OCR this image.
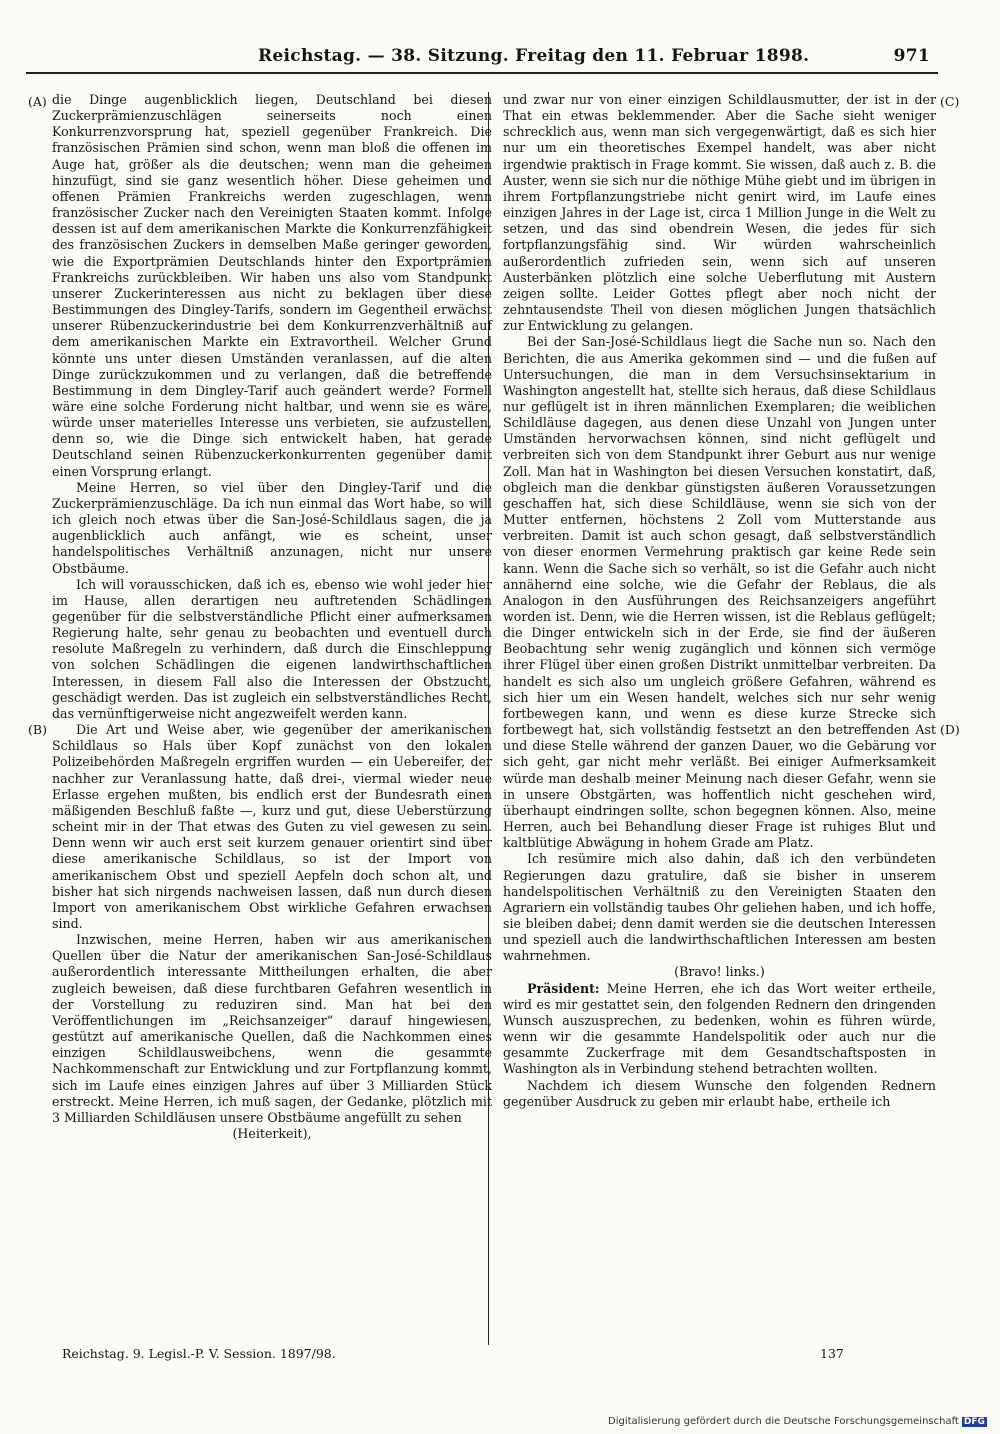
Reichstag. — 38. Sitzung. Freitag den 11. Februar 1898.	971
(A)
(B)
(C)
(D)

die Dinge augenblicklich liegen, Deutschland bei diesen Zuckerprämienzuschlägen seinerseits noch einen Konkurrenzvorsprung hat, speziell gegenüber Frankreich. Die französischen Prämien sind schon, wenn man bloß die offenen im Auge hat, größer als die deutschen; wenn man die geheimen hinzufügt, sind sie ganz wesentlich höher. Diese geheimen und offenen Prämien Frankreichs werden zugeschlagen, wenn französischer Zucker nach den Vereinigten Staaten kommt. Infolge dessen ist auf dem amerikanischen Markte die Konkurrenzfähigkeit des französischen Zuckers in demselben Maße geringer geworden, wie die Exportprämien Deutschlands hinter den Exportprämien Frankreichs zurückbleiben. Wir haben uns also vom Standpunkt unserer Zuckerinteressen aus nicht zu beklagen über diese Bestimmungen des Dingley-Tarifs, sondern im Gegentheil erwächst unserer Rübenzuckerindustrie bei dem Konkurrenzverhältniß auf dem amerikanischen Markte ein Extravortheil. Welcher Grund könnte uns unter diesen Umständen veranlassen, auf die alten Dinge zurückzukommen und zu verlangen, daß die betreffende Bestimmung in dem Dingley-Tarif auch geändert werde? Formell wäre eine solche Forderung nicht haltbar, und wenn sie es wäre, würde unser materielles Interesse uns verbieten, sie aufzustellen, denn so, wie die Dinge sich entwickelt haben, hat gerade Deutschland seinen Rübenzuckerkonkurrenten gegenüber damit einen Vorsprung erlangt.

Meine Herren, so viel über den Dingley-Tarif und die Zuckerprämienzuschläge. Da ich nun einmal das Wort habe, so will ich gleich noch etwas über die San-José-Schildlaus sagen, die ja augenblicklich auch anfängt, wie es scheint, unser handelspolitisches Verhältniß anzunagen, nicht nur unsere Obstbäume.

Ich will vorausschicken, daß ich es, ebenso wie wohl jeder hier im Hause, allen derartigen neu auftretenden Schädlingen gegenüber für die selbstverständliche Pflicht einer aufmerksamen Regierung halte, sehr genau zu beobachten und eventuell durch resolute Maßregeln zu verhindern, daß durch die Einschleppung von solchen Schädlingen die eigenen landwirthschaftlichen Interessen, in diesem Fall also die Interessen der Obstzucht, geschädigt werden. Das ist zugleich ein selbstverständliches Recht, das vernünftigerweise nicht angezweifelt werden kann.

Die Art und Weise aber, wie gegenüber der amerikanischen Schildlaus so Hals über Kopf zunächst von den lokalen Polizeibehörden Maßregeln ergriffen wurden — ein Uebereifer, der nachher zur Veranlassung hatte, daß drei-, viermal wieder neue Erlasse ergehen mußten, bis endlich erst der Bundesrath einen mäßigenden Beschluß faßte —, kurz und gut, diese Ueberstürzung scheint mir in der That etwas des Guten zu viel gewesen zu sein. Denn wenn wir auch erst seit kurzem genauer orientirt sind über diese amerikanische Schildlaus, so ist der Import von amerikanischem Obst und speziell Aepfeln doch schon alt, und bisher hat sich nirgends nachweisen lassen, daß nun durch diesen Import von amerikanischem Obst wirkliche Gefahren erwachsen sind.

Inzwischen, meine Herren, haben wir aus amerikanischen Quellen über die Natur der amerikanischen San-José-Schildlaus außerordentlich interessante Mittheilungen erhalten, die aber zugleich beweisen, daß diese furchtbaren Gefahren wesentlich in der Vorstellung zu reduziren sind. Man hat bei den Veröffentlichungen im „Reichsanzeiger“ darauf hingewiesen, gestützt auf amerikanische Quellen, daß die Nachkommen eines einzigen Schildlausweibchens, wenn die gesammte Nachkommenschaft zur Entwicklung und zur Fortpflanzung kommt, sich im Laufe eines einzigen Jahres auf über 3 Milliarden Stück erstreckt. Meine Herren, ich muß sagen, der Gedanke, plötzlich mit 3 Milliarden Schildläusen unsere Obstbäume angefüllt zu sehen

(Heiterkeit),

und zwar nur von einer einzigen Schildlausmutter, der ist in der That ein etwas beklemmender. Aber die Sache sieht weniger schrecklich aus, wenn man sich vergegenwärtigt, daß es sich hier nur um ein theoretisches Exempel handelt, was aber nicht irgendwie praktisch in Frage kommt. Sie wissen, daß auch z. B. die Auster, wenn sie sich nur die nöthige Mühe giebt und im übrigen in ihrem Fortpflanzungstriebe nicht genirt wird, im Laufe eines einzigen Jahres in der Lage ist, circa 1 Million Junge in die Welt zu setzen, und das sind obendrein Wesen, die jedes für sich fortpflanzungsfähig sind. Wir würden wahrscheinlich außerordentlich zufrieden sein, wenn sich auf unseren Austerbänken plötzlich eine solche Ueberflutung mit Austern zeigen sollte. Leider Gottes pflegt aber noch nicht der zehntausendste Theil von diesen möglichen Jungen thatsächlich zur Entwicklung zu gelangen.

Bei der San-José-Schildlaus liegt die Sache nun so. Nach den Berichten, die aus Amerika gekommen sind — und die fußen auf Untersuchungen, die man in dem Versuchsinsektarium in Washington angestellt hat, stellte sich heraus, daß diese Schildlaus nur geflügelt ist in ihren männlichen Exemplaren; die weiblichen Schildläuse dagegen, aus denen diese Unzahl von Jungen unter Umständen hervorwachsen können, sind nicht geflügelt und verbreiten sich von dem Standpunkt ihrer Geburt aus nur wenige Zoll. Man hat in Washington bei diesen Versuchen konstatirt, daß, obgleich man die denkbar günstigsten äußeren Voraussetzungen geschaffen hat, sich diese Schildläuse, wenn sie sich von der Mutter entfernen, höchstens 2 Zoll vom Mutterstande aus verbreiten. Damit ist auch schon gesagt, daß selbstverständlich von dieser enormen Vermehrung praktisch gar keine Rede sein kann. Wenn die Sache sich so verhält, so ist die Gefahr auch nicht annähernd eine solche, wie die Gefahr der Reblaus, die als Analogon in den Ausführungen des Reichsanzeigers angeführt worden ist. Denn, wie die Herren wissen, ist die Reblaus geflügelt; die Dinger entwickeln sich in der Erde, sie find der äußeren Beobachtung sehr wenig zugänglich und können sich vermöge ihrer Flügel über einen großen Distrikt unmittelbar verbreiten. Da handelt es sich also um ungleich größere Gefahren, während es sich hier um ein Wesen handelt, welches sich nur sehr wenig fortbewegen kann, und wenn es diese kurze Strecke sich fortbewegt hat, sich vollständig festsetzt an den betreffenden Ast und diese Stelle während der ganzen Dauer, wo die Gebärung vor sich geht, gar nicht mehr verläßt. Bei einiger Aufmerksamkeit würde man deshalb meiner Meinung nach dieser Gefahr, wenn sie in unsere Obstgärten, was hoffentlich nicht geschehen wird, überhaupt eindringen sollte, schon begegnen können. Also, meine Herren, auch bei Behandlung dieser Frage ist ruhiges Blut und kaltblütige Abwägung in hohem Grade am Platz.

Ich resümire mich also dahin, daß ich den verbündeten Regierungen dazu gratulire, daß sie bisher in unserem handelspolitischen Verhältniß zu den Vereinigten Staaten den Agrariern ein vollständig taubes Ohr geliehen haben, und ich hoffe, sie bleiben dabei; denn damit werden sie die deutschen Interessen und speziell auch die landwirthschaftlichen Interessen am besten wahrnehmen.

(Bravo! links.)

Präsident: Meine Herren, ehe ich das Wort weiter ertheile, wird es mir gestattet sein, den folgenden Rednern den dringenden Wunsch auszusprechen, zu bedenken, wohin es führen würde, wenn wir die gesammte Handelspolitik oder auch nur die gesammte Zuckerfrage mit dem Gesandtschaftsposten in Washington als in Verbindung stehend betrachten wollten.

Nachdem ich diesem Wunsche den folgenden Rednern gegenüber Ausdruck zu geben mir erlaubt habe, ertheile ich

Reichstag. 9. Legisl.-P. V. Session. 1897/98.	137
Digitalisierung gefördert durch die Deutsche Forschungsgemeinschaft DFG
